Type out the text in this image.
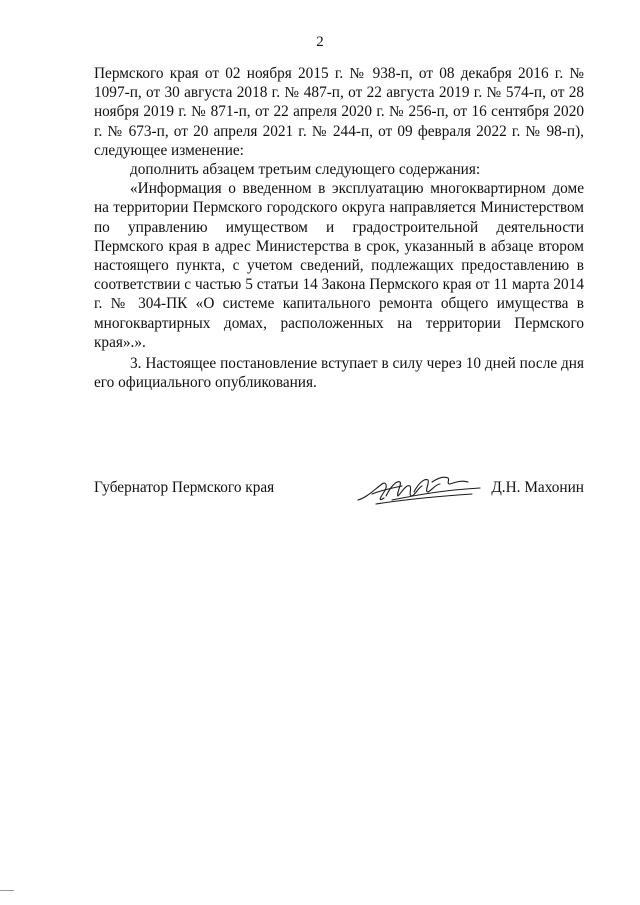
2

Пермского края от 02 ноября 2015 г. № 938-п, от 08 декабря 2016 г. № 1097-п, от 30 августа 2018 г. № 487-п, от 22 августа 2019 г. № 574-п, от 28 ноября 2019 г. № 871-п, от 22 апреля 2020 г. № 256-п, от 16 сентября 2020 г. № 673-п, от 20 апреля 2021 г. № 244-п, от 09 февраля 2022 г. № 98-п), следующее изменение:

дополнить абзацем третьим следующего содержания:

«Информация о введенном в эксплуатацию многоквартирном доме на территории Пермского городского округа направляется Министерством по управлению имуществом и градостроительной деятельности Пермского края в адрес Министерства в срок, указанный в абзаце втором настоящего пункта, с учетом сведений, подлежащих предоставлению в соответствии с частью 5 статьи 14 Закона Пермского края от 11 марта 2014 г. № 304-ПК «О системе капитального ремонта общего имущества в многоквартирных домах, расположенных на территории Пермского края».».

3. Настоящее постановление вступает в силу через 10 дней после дня его официального опубликования.

Губернатор Пермского края	Д.Н. Махонин
